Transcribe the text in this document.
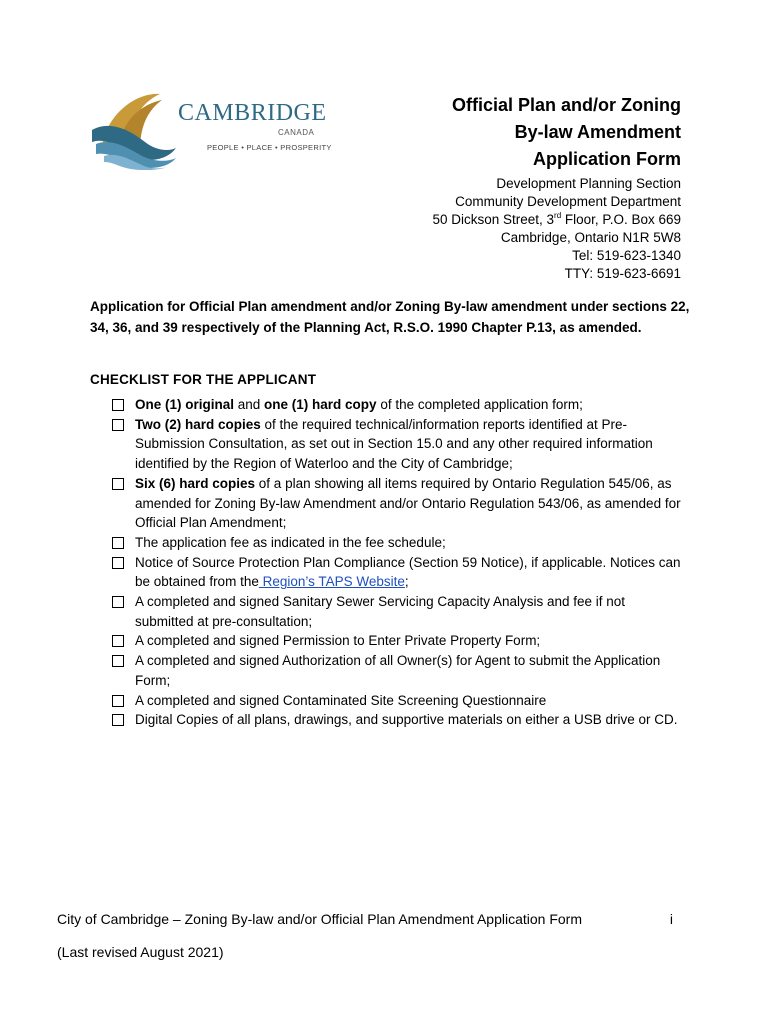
CAMBRIDGE
CANADA
PEOPLE • PLACE • PROSPERITY
Official Plan and/or Zoning
By-law Amendment
Application Form
Development Planning Section
Community Development Department
50 Dickson Street, 3rd Floor, P.O. Box 669
Cambridge, Ontario N1R 5W8
Tel: 519-623-1340
TTY: 519-623-6691
Application for Official Plan amendment and/or Zoning By-law amendment under sections 22, 34, 36, and 39 respectively of the Planning Act, R.S.O. 1990 Chapter P.13, as amended.
CHECKLIST FOR THE APPLICANT
One (1) original and one (1) hard copy of the completed application form;
Two (2) hard copies of the required technical/information reports identified at Pre-Submission Consultation, as set out in Section 15.0 and any other required information identified by the Region of Waterloo and the City of Cambridge;
Six (6) hard copies of a plan showing all items required by Ontario Regulation 545/06, as amended for Zoning By-law Amendment and/or Ontario Regulation 543/06, as amended for Official Plan Amendment;
The application fee as indicated in the fee schedule;
Notice of Source Protection Plan Compliance (Section 59 Notice), if applicable. Notices can be obtained from the Region’s TAPS Website;
A completed and signed Sanitary Sewer Servicing Capacity Analysis and fee if not submitted at pre-consultation;
A completed and signed Permission to Enter Private Property Form;
A completed and signed Authorization of all Owner(s) for Agent to submit the Application Form;
A completed and signed Contaminated Site Screening Questionnaire
Digital Copies of all plans, drawings, and supportive materials on either a USB drive or CD.
City of Cambridge – Zoning By-law and/or Official Plan Amendment Application Form	i
(Last revised August 2021)
